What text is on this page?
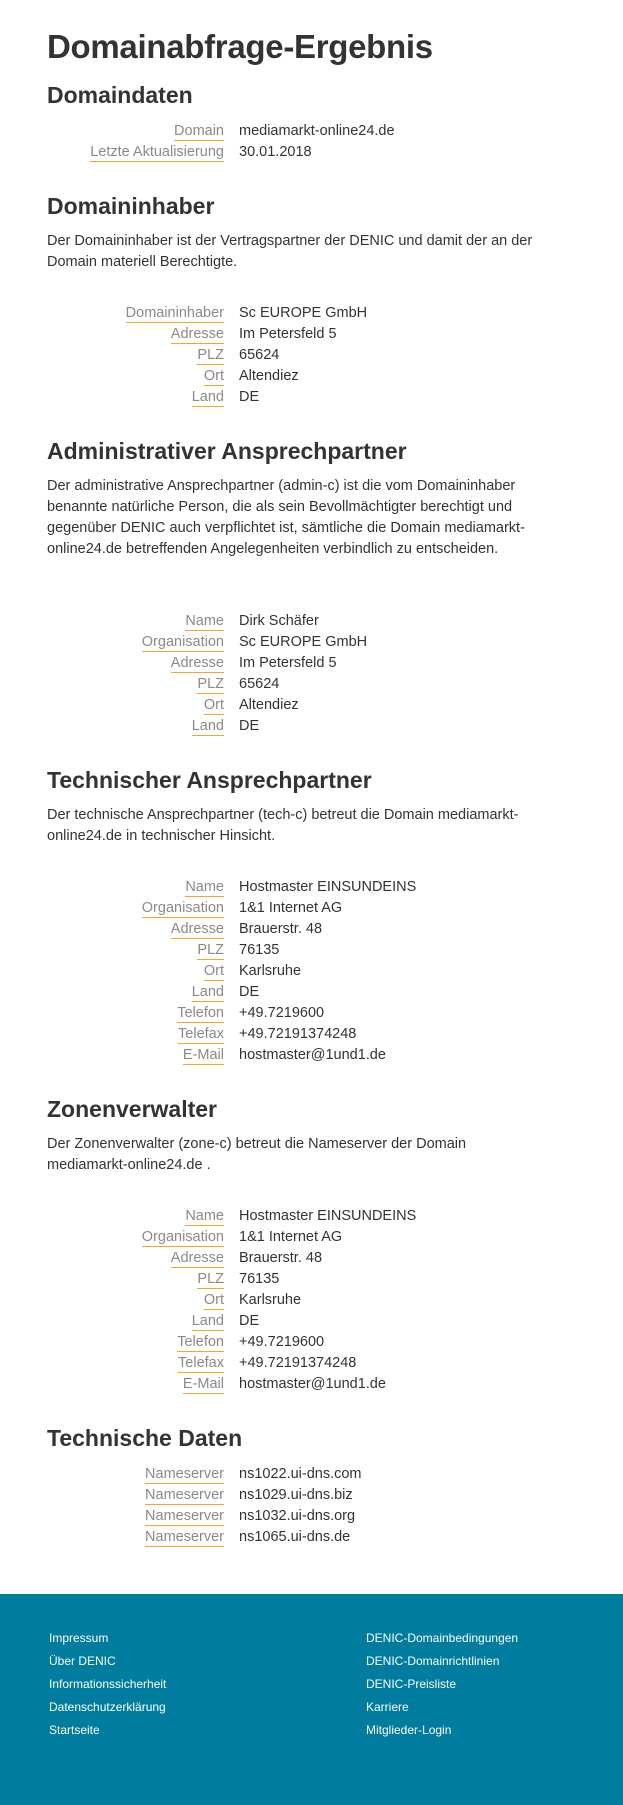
Domainabfrage-Ergebnis
Domaindaten
Domain mediamarkt-online24.de
Letzte Aktualisierung 30.01.2018
Domaininhaber

Der Domaininhaber ist der Vertragspartner der DENIC und damit der an der Domain materiell Berechtigte.

Domaininhaber Sc EUROPE GmbH
Adresse Im Petersfeld 5
PLZ 65624
Ort Altendiez
Land DE
Administrativer Ansprechpartner

Der administrative Ansprechpartner (admin-c) ist die vom Domaininhaber benannte natürliche Person, die als sein Bevollmächtigter berechtigt und gegenüber DENIC auch verpflichtet ist, sämtliche die Domain mediamarkt-online24.de betreffenden Angelegenheiten verbindlich zu entscheiden.

Name Dirk Schäfer
Organisation Sc EUROPE GmbH
Adresse Im Petersfeld 5
PLZ 65624
Ort Altendiez
Land DE
Technischer Ansprechpartner

Der technische Ansprechpartner (tech-c) betreut die Domain mediamarkt-online24.de in technischer Hinsicht.

Name Hostmaster EINSUNDEINS
Organisation 1&1 Internet AG
Adresse Brauerstr. 48
PLZ 76135
Ort Karlsruhe
Land DE
Telefon +49.7219600
Telefax +49.72191374248
E-Mail hostmaster@1und1.de
Zonenverwalter

Der Zonenverwalter (zone-c) betreut die Nameserver der Domain mediamarkt-online24.de .

Name Hostmaster EINSUNDEINS
Organisation 1&1 Internet AG
Adresse Brauerstr. 48
PLZ 76135
Ort Karlsruhe
Land DE
Telefon +49.7219600
Telefax +49.72191374248
E-Mail hostmaster@1und1.de
Technische Daten
Nameserver ns1022.ui-dns.com
Nameserver ns1029.ui-dns.biz
Nameserver ns1032.ui-dns.org
Nameserver ns1065.ui-dns.de
Impressum
Über DENIC
Informationssicherheit
Datenschutzerklärung
Startseite
DENIC-Domainbedingungen
DENIC-Domainrichtlinien
DENIC-Preisliste
Karriere
Mitglieder-Login
